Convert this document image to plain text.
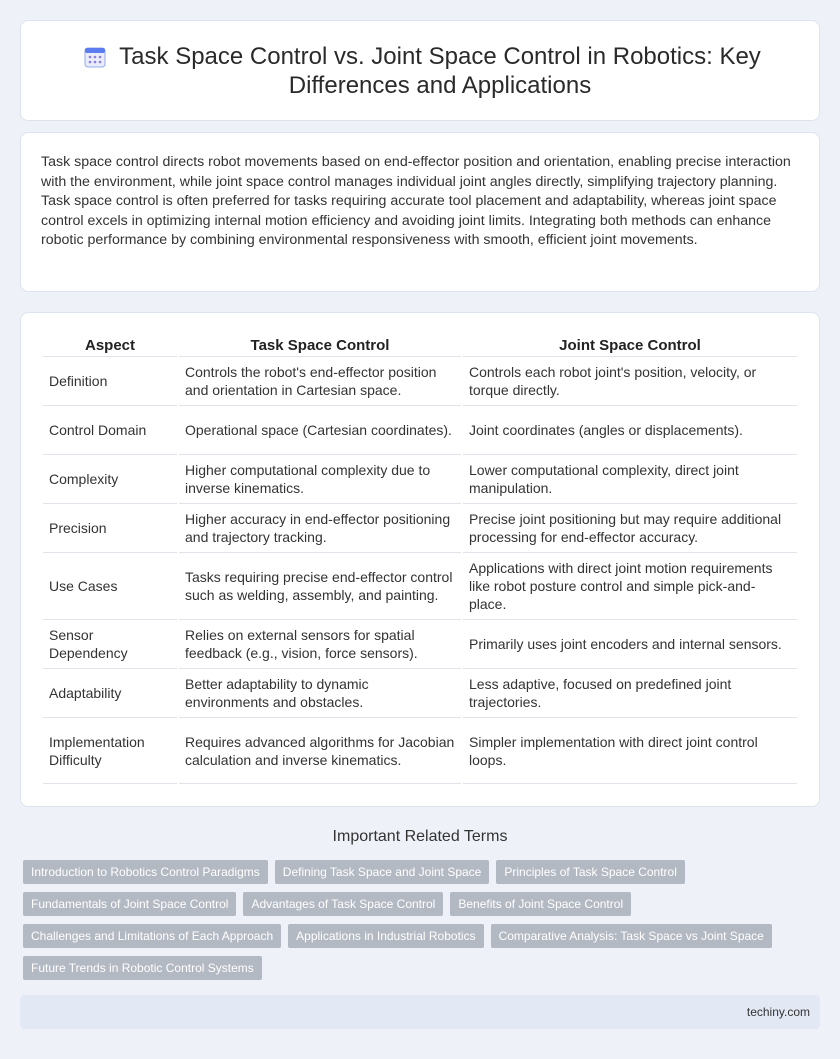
Task Space Control vs. Joint Space Control in Robotics: Key Differences and Applications

Task space control directs robot movements based on end-effector position and orientation, enabling precise interaction with the environment, while joint space control manages individual joint angles directly, simplifying trajectory planning. Task space control is often preferred for tasks requiring accurate tool placement and adaptability, whereas joint space control excels in optimizing internal motion efficiency and avoiding joint limits. Integrating both methods can enhance robotic performance by combining environmental responsiveness with smooth, efficient joint movements.

Aspect	Task Space Control	Joint Space Control
Definition	Controls the robot's end-effector position and orientation in Cartesian space.	Controls each robot joint's position, velocity, or torque directly.
Control Domain	Operational space (Cartesian coordinates).	Joint coordinates (angles or displacements).
Complexity	Higher computational complexity due to inverse kinematics.	Lower computational complexity, direct joint manipulation.
Precision	Higher accuracy in end-effector positioning and trajectory tracking.	Precise joint positioning but may require additional processing for end-effector accuracy.
Use Cases	Tasks requiring precise end-effector control such as welding, assembly, and painting.	Applications with direct joint motion requirements like robot posture control and simple pick-and-place.
Sensor Dependency	Relies on external sensors for spatial feedback (e.g., vision, force sensors).	Primarily uses joint encoders and internal sensors.
Adaptability	Better adaptability to dynamic environments and obstacles.	Less adaptive, focused on predefined joint trajectories.
Implementation Difficulty	Requires advanced algorithms for Jacobian calculation and inverse kinematics.	Simpler implementation with direct joint control loops.
Important Related Terms
Introduction to Robotics Control Paradigms	Defining Task Space and Joint Space	Principles of Task Space Control
Fundamentals of Joint Space Control	Advantages of Task Space Control	Benefits of Joint Space Control
Challenges and Limitations of Each Approach	Applications in Industrial Robotics	Comparative Analysis: Task Space vs Joint Space
Future Trends in Robotic Control Systems
techiny.com
